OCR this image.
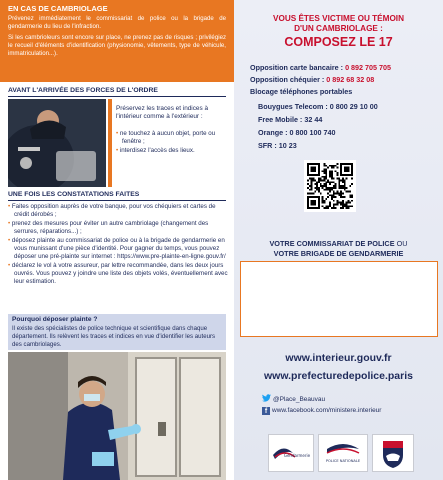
EN CAS DE CAMBRIOLAGE
Prévenez immédiatement le commissariat de police ou la brigade de gendarmerie du lieu de l'infraction.
Si les cambrioleurs sont encore sur place, ne prenez pas de risques ; privilégiez le recueil d'éléments d'identification (physionomie, vêtements, type de véhicule, immatriculation...).
AVANT L'ARRIVÉE DES FORCES DE L'ORDRE
Préservez les traces et indices à l'intérieur comme à l'extérieur :
• ne touchez à aucun objet, porte ou fenêtre ;
• interdisez l'accès des lieux.
UNE FOIS LES CONSTATATIONS FAITES
• Faites opposition auprès de votre banque, pour vos chéquiers et cartes de crédit dérobés ;
• prenez des mesures pour éviter un autre cambriolage (changement des serrures, réparations...) ;
• déposez plainte au commissariat de police ou à la brigade de gendarmerie en vous munissant d'une pièce d'identité. Pour gagner du temps, vous pouvez déposer une pré-plainte sur internet : https://www.pre-plainte-en-ligne.gouv.fr/
• déclarez le vol à votre assureur, par lettre recommandée, dans les deux jours ouvrés. Vous pouvez y joindre une liste des objets volés, éventuellement avec leur estimation.
Pourquoi déposer plainte ?
Il existe des spécialistes de police technique et scientifique dans chaque département. Ils relèvent les traces et indices en vue d'identifier les auteurs des cambriolages.
VOUS ÊTES VICTIME OU TÉMOIN
D'UN CAMBRIOLAGE :
COMPOSEZ LE 17
Opposition carte bancaire : 0 892 705 705
Opposition chéquier : 0 892 68 32 08
Blocage téléphones portables
Bouygues Telecom : 0 800 29 10 00
Free Mobile : 32 44
Orange : 0 800 100 740
SFR : 10 23
VOTRE COMMISSARIAT DE POLICE OU
VOTRE BRIGADE DE GENDARMERIE
www.interieur.gouv.fr
www.prefecturedepolice.paris
@Place_Beauvau
f www.facebook.com/ministere.interieur
Gendarmerie
POLICE NATIONALE
